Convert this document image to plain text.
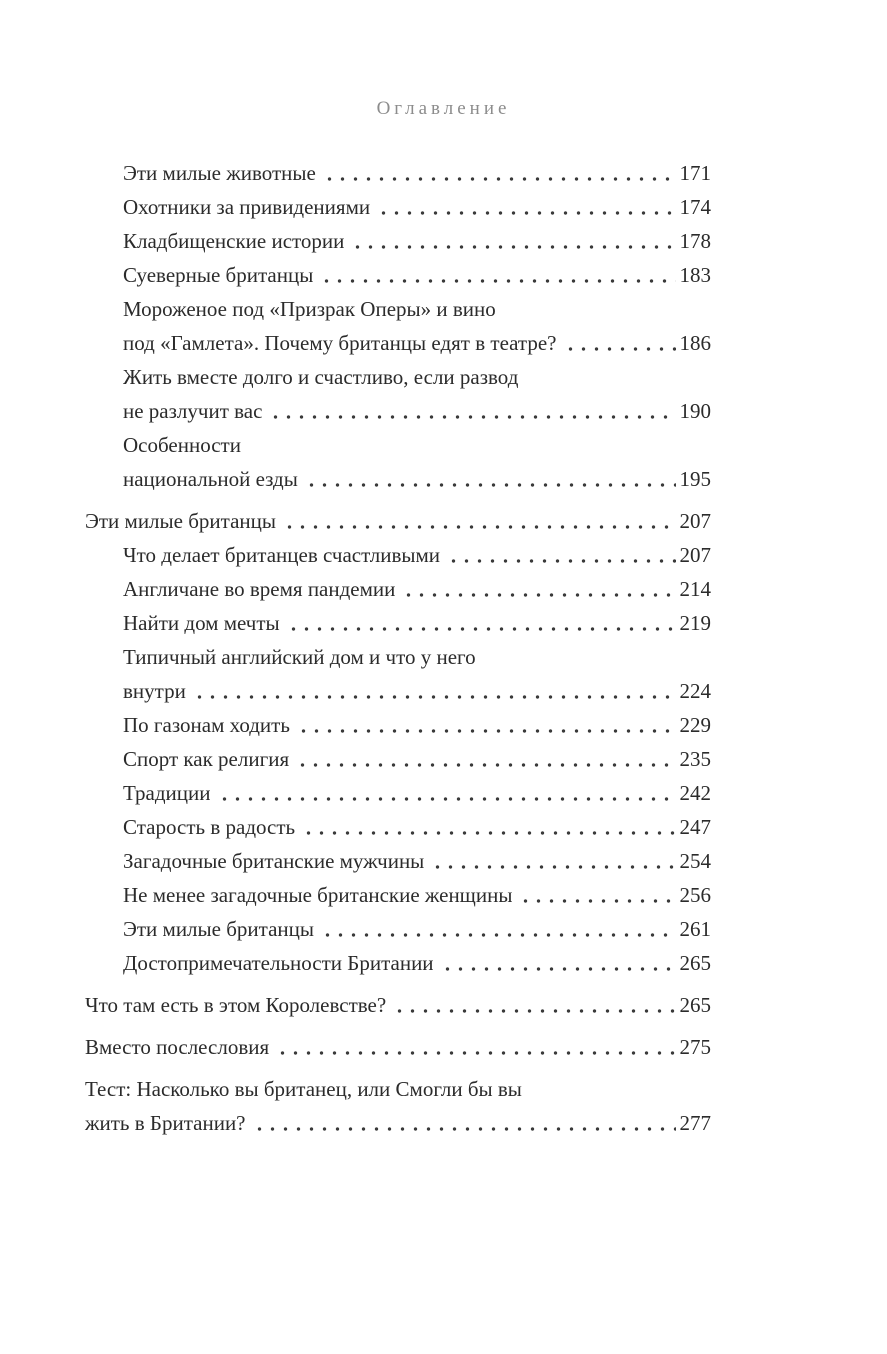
Оглавление
Эти милые животные	171
Охотники за привидениями	174
Кладбищенские истории	178
Суеверные британцы	183
Мороженое под «Призрак Оперы» и вино
под «Гамлета». Почему британцы едят в театре?	186
Жить вместе долго и счастливо, если развод
не разлучит вас	190
Особенности
национальной езды	195
Эти милые британцы	207
Что делает британцев счастливыми	207
Англичане во время пандемии	214
Найти дом мечты	219
Типичный английский дом и что у него
внутри	224
По газонам ходить	229
Спорт как религия	235
Традиции	242
Старость в радость	247
Загадочные британские мужчины	254
Не менее загадочные британские женщины	256
Эти милые британцы	261
Достопримечательности Британии	265
Что там есть в этом Королевстве?	265
Вместо послесловия	275
Тест: Насколько вы британец, или Смогли бы вы
жить в Британии?	277
